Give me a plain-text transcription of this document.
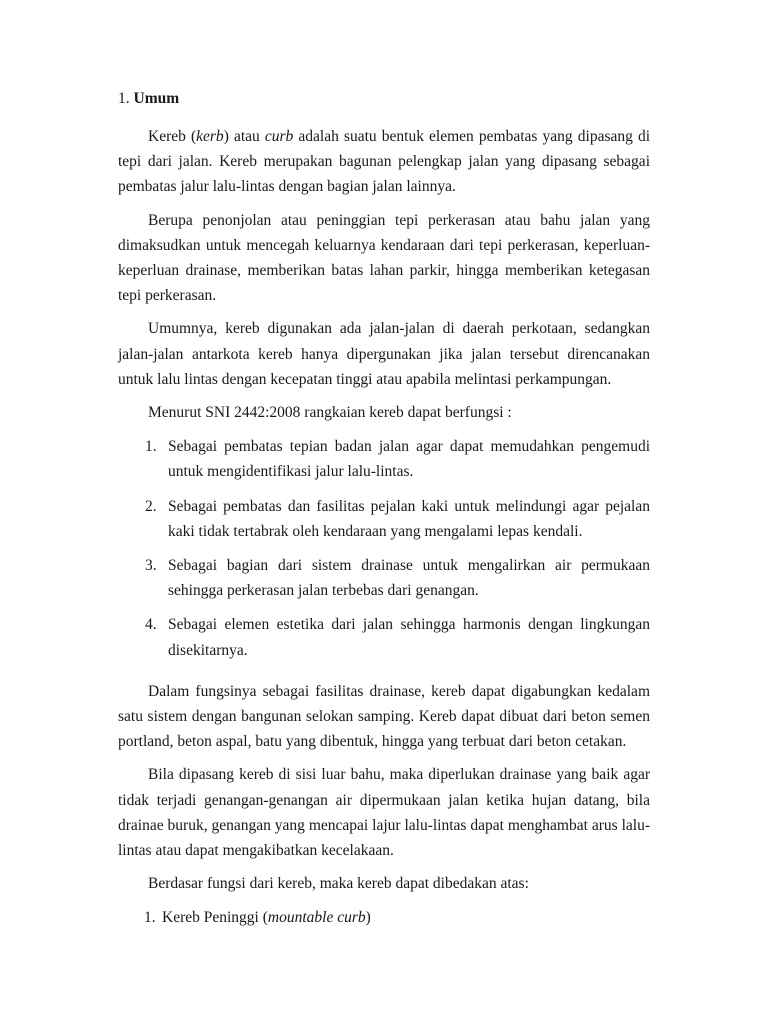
1. Umum

Kereb (kerb) atau curb adalah suatu bentuk elemen pembatas yang dipasang di tepi dari jalan. Kereb merupakan bagunan pelengkap jalan yang dipasang sebagai pembatas jalur lalu-lintas dengan bagian jalan lainnya.

Berupa penonjolan atau peninggian tepi perkerasan atau bahu jalan yang dimaksudkan untuk mencegah keluarnya kendaraan dari tepi perkerasan, keperluan-keperluan drainase, memberikan batas lahan parkir, hingga memberikan ketegasan tepi perkerasan.

Umumnya, kereb digunakan ada jalan-jalan di daerah perkotaan, sedangkan jalan-jalan antarkota kereb hanya dipergunakan jika jalan tersebut direncanakan untuk lalu lintas dengan kecepatan tinggi atau apabila melintasi perkampungan.

Menurut SNI 2442:2008 rangkaian kereb dapat berfungsi :

1. Sebagai pembatas tepian badan jalan agar dapat memudahkan pengemudi untuk mengidentifikasi jalur lalu-lintas.
2. Sebagai pembatas dan fasilitas pejalan kaki untuk melindungi agar pejalan kaki tidak tertabrak oleh kendaraan yang mengalami lepas kendali.
3. Sebagai bagian dari sistem drainase untuk mengalirkan air permukaan sehingga perkerasan jalan terbebas dari genangan.
4. Sebagai elemen estetika dari jalan sehingga harmonis dengan lingkungan disekitarnya.

Dalam fungsinya sebagai fasilitas drainase, kereb dapat digabungkan kedalam satu sistem dengan bangunan selokan samping. Kereb dapat dibuat dari beton semen portland, beton aspal, batu yang dibentuk, hingga yang terbuat dari beton cetakan.

Bila dipasang kereb di sisi luar bahu, maka diperlukan drainase yang baik agar tidak terjadi genangan-genangan air dipermukaan jalan ketika hujan datang, bila drainae buruk, genangan yang mencapai lajur lalu-lintas dapat menghambat arus lalu-lintas atau dapat mengakibatkan kecelakaan.

Berdasar fungsi dari kereb, maka kereb dapat dibedakan atas:

1. Kereb Peninggi (mountable curb)
